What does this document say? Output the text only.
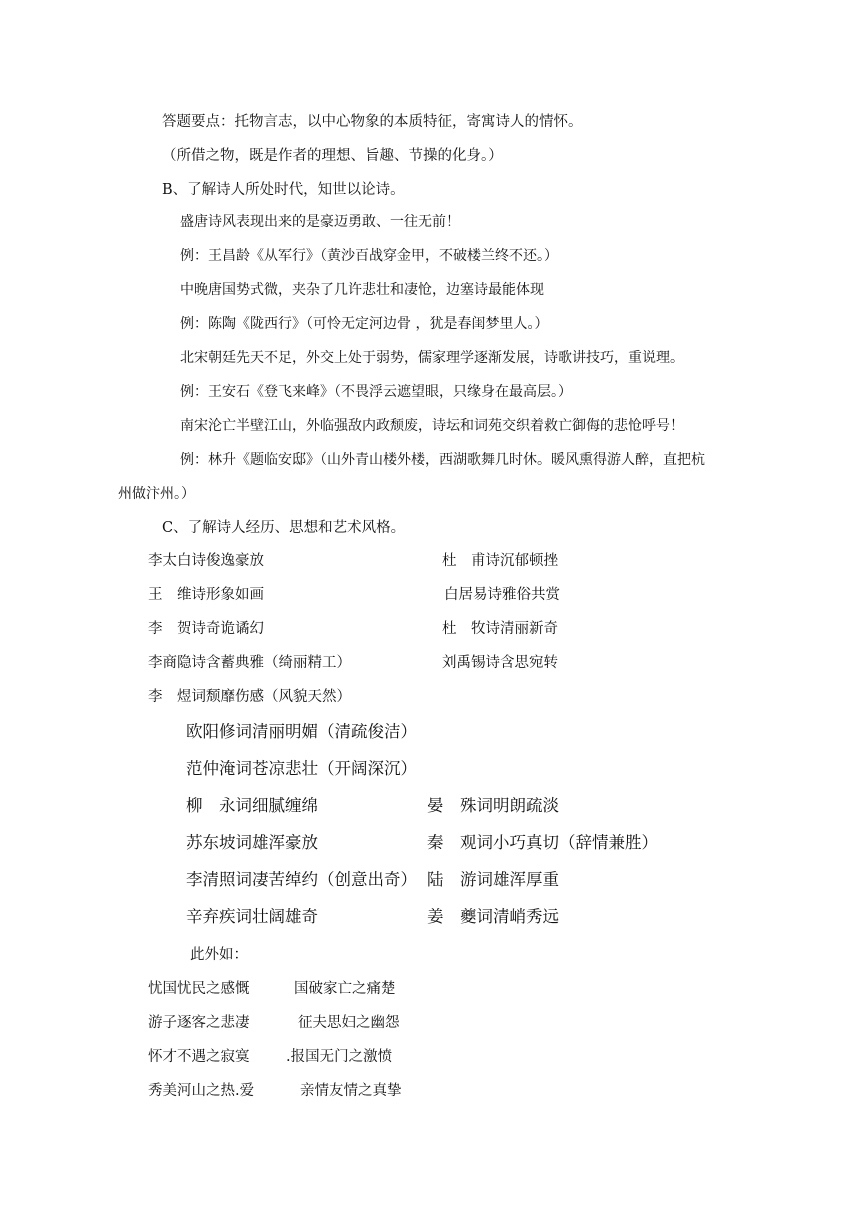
答题要点：托物言志，以中心物象的本质特征，寄寓诗人的情怀。
（所借之物，既是作者的理想、旨趣、节操的化身。）
B、了解诗人所处时代，知世以论诗。
盛唐诗风表现出来的是豪迈勇敢、一往无前！
例：王昌龄《从军行》（黄沙百战穿金甲，不破楼兰终不还。）
中晚唐国势式微，夹杂了几许悲壮和凄怆，边塞诗最能体现
例：陈陶《陇西行》（可怜无定河边骨 ，犹是春闺梦里人。）
北宋朝廷先天不足，外交上处于弱势，儒家理学逐渐发展，诗歌讲技巧，重说理。
例：王安石《登飞来峰》（不畏浮云遮望眼，只缘身在最高层。）
南宋沦亡半壁江山，外临强敌内政颓废，诗坛和词苑交织着救亡御侮的悲怆呼号！
例：林升《题临安邸》（山外青山楼外楼，西湖歌舞几时休。暖风熏得游人醉，直把杭
州做汴州。）
C、了解诗人经历、思想和艺术风格。
李太白诗俊逸豪放	杜　甫诗沉郁顿挫
王　维诗形象如画	白居易诗雅俗共赏
李　贺诗奇诡谲幻	杜　牧诗清丽新奇
李商隐诗含蓄典雅（绮丽精工）	刘禹锡诗含思宛转
李　煜词颓靡伤感（风貌天然）
欧阳修词清丽明媚（清疏俊洁）
范仲淹词苍凉悲壮（开阔深沉）
柳　永词细腻缠绵	晏　殊词明朗疏淡
苏东坡词雄浑豪放	秦　观词小巧真切（辞情兼胜）
李清照词凄苦绰约（创意出奇） 陆　游词雄浑厚重
辛弃疾词壮阔雄奇	姜　夔词清峭秀远
此外如：
忧国忧民之感慨	国破家亡之痛楚
游子逐客之悲凄	征夫思妇之幽怨
怀才不遇之寂寞	.报国无门之激愤
秀美河山之热.爱	亲情友情之真挚
